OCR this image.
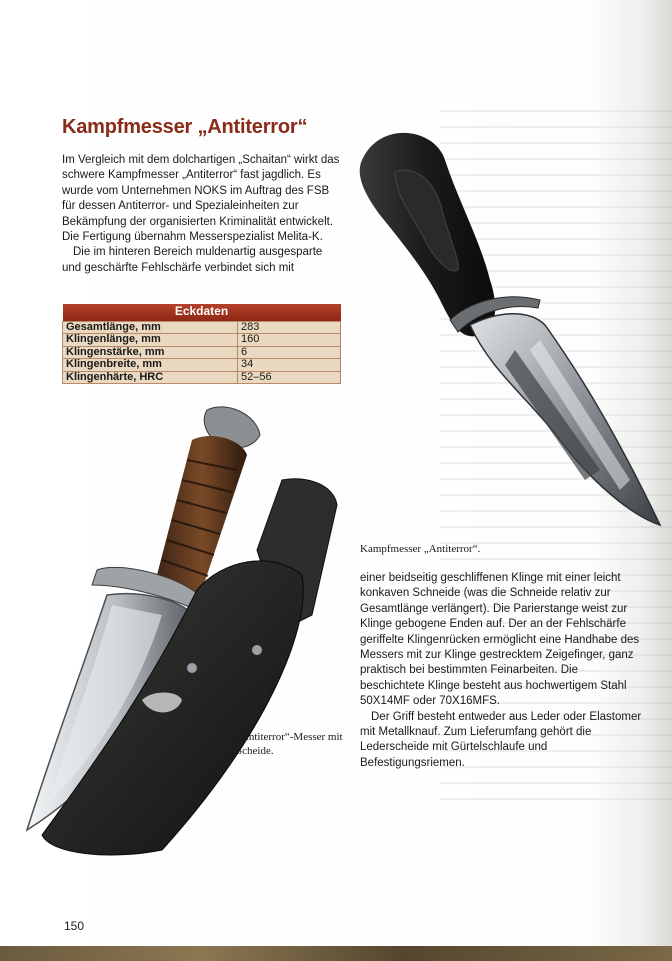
Kampfmesser „Antiterror“

Im Vergleich mit dem dolchartigen „Schaitan“ wirkt das schwere Kampfmesser „Antiterror“ fast jagdlich. Es wurde vom Unternehmen NOKS im Auftrag des FSB für dessen Antiterror- und Spezialeinheiten zur Bekämpfung der organisierten Kriminalität entwickelt. Die Fertigung übernahm Messerspezialist Melita-K.

Die im hinteren Bereich muldenartig ausgesparte und geschärfte Fehlschärfe verbindet sich mit

Eckdaten	
Gesamtlänge, mm	283
Klingenlänge, mm	160
Klingenstärke, mm	6
Klingenbreite, mm	34
Klingenhärte, HRC	52–56
Kampfmesser „Antiterror“.

einer beidseitig geschliffenen Klinge mit einer leicht konkaven Schneide (was die Schneide relativ zur Gesamtlänge verlängert). Die Parierstange weist zur Klinge gebogene Enden auf. Der an der Fehlschärfe geriffelte Klingenrücken ermöglicht eine Handhabe des Messers mit zur Klinge gestrecktem Zeigefinger, ganz praktisch bei bestimmten Feinarbeiten. Die beschichtete Klinge besteht aus hochwertigem Stahl 50X14MF oder 70X16MFS.

Der Griff besteht entweder aus Leder oder Elastomer mit Metallknauf. Zum Lieferumfang gehört die Lederscheide mit Gürtelschlaufe und Befestigungsriemen.

„Antiterror“-Messer mit Scheide.
150
